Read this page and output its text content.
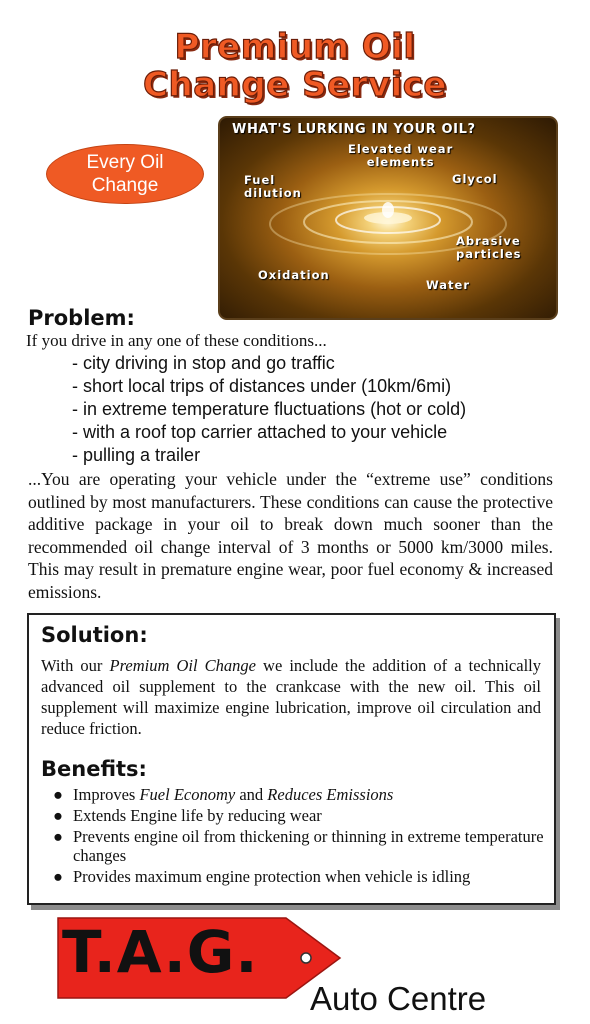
Premium Oil
Change Service
Every Oil
Change
WHAT'S LURKING IN YOUR OIL?
Elevated wear
elements
Glycol
Fuel
dilution
Abrasive
particles
Oxidation
Water
Problem:
If you drive in any one of these conditions...
- city driving in stop and go traffic
- short local trips of distances under (10km/6mi)
- in extreme temperature fluctuations (hot or cold)
- with a roof top carrier attached to your vehicle
- pulling a trailer
...You are operating your vehicle under the “extreme use” conditions outlined by most manufacturers. These conditions can cause the protective additive package in your oil to break down much sooner than the recommended oil change interval of 3 months or 5000 km/3000 miles. This may result in premature engine wear, poor fuel economy & increased emissions.
Solution:
With our Premium Oil Change we include the addition of a technically advanced oil supplement to the crankcase with the new oil. This oil supplement will maximize engine lubrication, improve oil circulation and reduce friction.
Benefits:
● Improves Fuel Economy and Reduces Emissions
● Extends Engine life by reducing wear
● Prevents engine oil from thickening or thinning in extreme temperature changes
● Provides maximum engine protection when vehicle is idling
T.A.G.
Auto Centre
